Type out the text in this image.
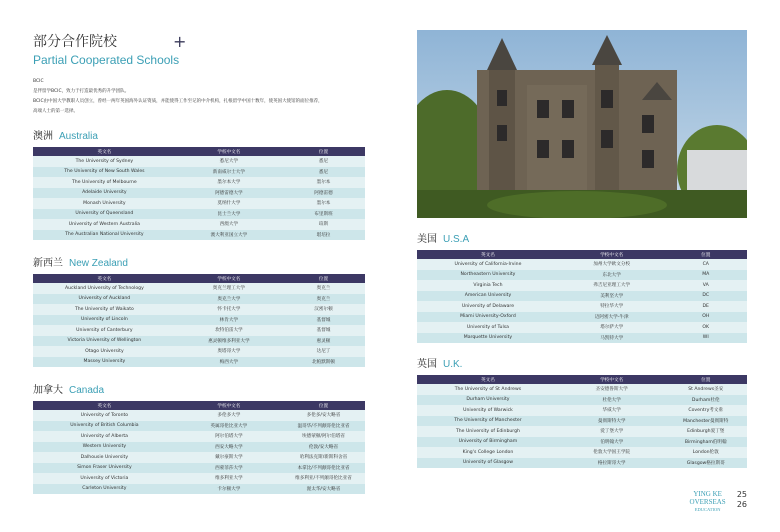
部分合作院校	+
Partial Cooperated Schools
BCIC
是伴留学BCIC，致力于打造最优秀的升学团队。
BCIC由中国大学教职人员创立，曾经一两年英国海外认证资质，并能使得工作至记的中介机构，扎根留学中国十数年，使英国大使馆的面位推荐，
高端人士的第一选择。
澳洲 Australia
英文名	学校中文名	位置
The University of Sydney	悉尼大学	悉尼
The University of New South Wales	新南威尔士大学	悉尼
The University of Melbourne	墨尔本大学	墨尔本
Adelaide University	阿德雷德大学	阿德雷德
Monash University	莫纳什大学	墨尔本
University of Queensland	昆士兰大学	布里斯班
University of Western Australia	西澳大学	珀斯
The Australian National University	澳大利亚国立大学	堪培拉
新西兰 New Zealand
英文名	学校中文名	位置
Auckland University of Technology	奥克兰理工大学	奥克兰
University of Auckland	奥克兰大学	奥克兰
The University of Waikato	怀卡托大学	汉密尔顿
University of Lincoln	林肯大学	基督城
University of Canterbury	坎特伯雷大学	基督城
Victoria University of Wellington	惠灵顿维多利亚大学	惠灵顿
Otago University	奥塔哥大学	达尼丁
Massey University	梅西大学	北帕默斯顿
加拿大 Canada
英文名	学校中文名	位置
University of Toronto	多伦多大学	多伦多/安大略省
University of British Columbia	英属哥伦比亚大学	温哥华/不列颠哥伦比亚省
University of Alberta	阿尔伯塔大学	埃德蒙顿/阿尔伯塔省
Western University	西安大略大学	伦敦/安大略省
Dalhousie University	戴尔豪斯大学	哈利法克斯/新斯科舍省
Simon Fraser University	西蒙菲莎大学	本拿比/不列颠哥伦比亚省
University of Victoria	维多利亚大学	维多利亚/不列颠哥伦比亚省
Carleton University	卡尔顿大学	渥太华/安大略省
美国 U.S.A
英文名	学校中文名	位置
University of California-Irvine	加州大学欧文分校	CA
Northeastern University	东北大学	MA
Virginia Tech	弗吉尼亚理工大学	VA
American University	美利坚大学	DC
University of Delaware	特拉华大学	DE
Miami University-Oxford	迈阿密大学-牛津	OH
University of Tulsa	塔尔萨大学	OK
Marquette University	马凯特大学	WI
英国 U.K.
英文名	学校中文名	位置
The University of St Andrews	圣安德鲁斯大学	St Andrews圣安
Durham University	杜伦大学	Durham杜伦
University of Warwick	华威大学	Coventry考文垂
The University of Manchester	曼彻斯特大学	Manchester曼彻斯特
The University of Edinburgh	爱丁堡大学	Edinburgh爱丁堡
University of Birmingham	伯明翰大学	Birmingham伯明翰
King's College London	伦敦大学国王学院	London伦敦
University of Glasgow	格拉斯哥大学	Glasgow格拉斯哥
YING KE
OVERSEAS
EDUCATION

25
26
